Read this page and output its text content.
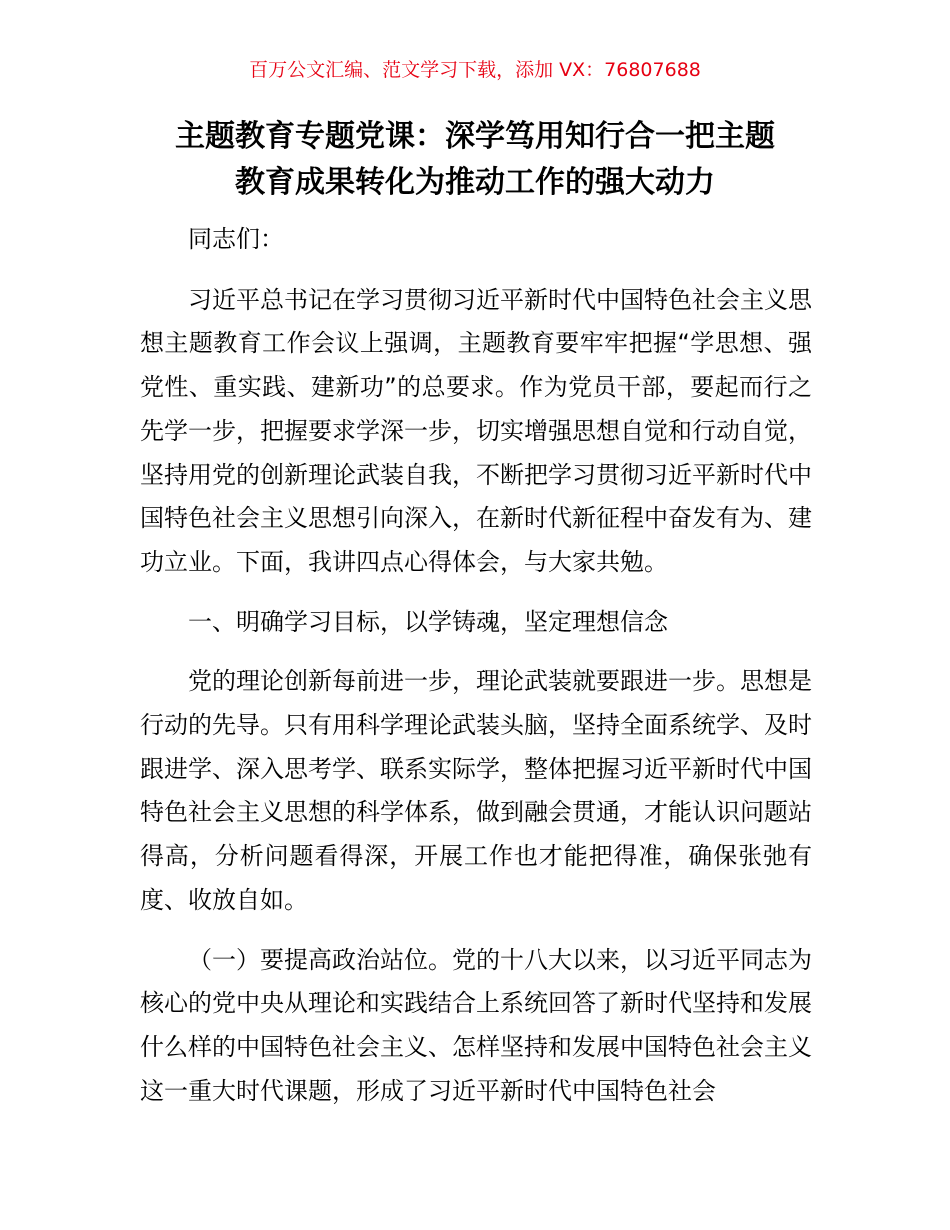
百万公文汇编、范文学习下载，添加 VX：76807688
主题教育专题党课：深学笃用知行合一把主题
教育成果转化为推动工作的强大动力

同志们：

习近平总书记在学习贯彻习近平新时代中国特色社会主义思想主题教育工作会议上强调，主题教育要牢牢把握“学思想、强党性、重实践、建新功”的总要求。作为党员干部，要起而行之先学一步，把握要求学深一步，切实增强思想自觉和行动自觉，坚持用党的创新理论武装自我，不断把学习贯彻习近平新时代中国特色社会主义思想引向深入，在新时代新征程中奋发有为、建功立业。下面，我讲四点心得体会，与大家共勉。

一、明确学习目标，以学铸魂，坚定理想信念

党的理论创新每前进一步，理论武装就要跟进一步。思想是行动的先导。只有用科学理论武装头脑，坚持全面系统学、及时跟进学、深入思考学、联系实际学，整体把握习近平新时代中国特色社会主义思想的科学体系，做到融会贯通，才能认识问题站得高，分析问题看得深，开展工作也才能把得准，确保张弛有度、收放自如。

（一）要提高政治站位。党的十八大以来，以习近平同志为核心的党中央从理论和实践结合上系统回答了新时代坚持和发展什么样的中国特色社会主义、怎样坚持和发展中国特色社会主义这一重大时代课题，形成了习近平新时代中国特色社会
